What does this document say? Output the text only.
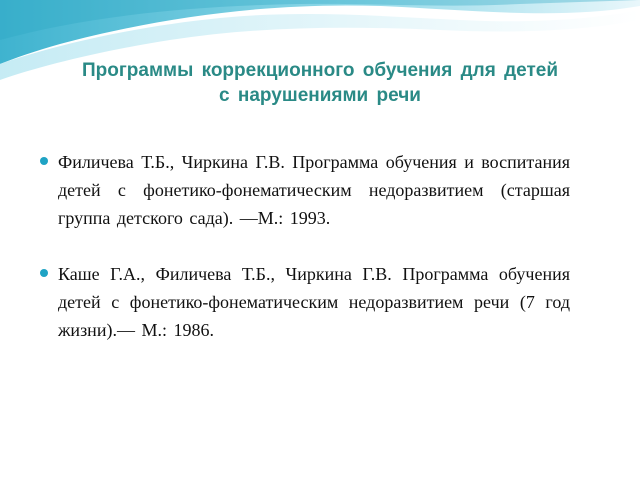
Программы коррекционного обучения для детей
с нарушениями речи
Филичева Т.Б., Чиркина Г.В. Программа обучения и воспитания детей с фонетико-фонематическим недоразвитием (старшая группа детского сада). —М.: 1993.
Каше Г.А., Филичева Т.Б., Чиркина Г.В. Программа обучения детей с фонетико-фонематическим недоразвитием речи (7 год жизни).— М.: 1986.
